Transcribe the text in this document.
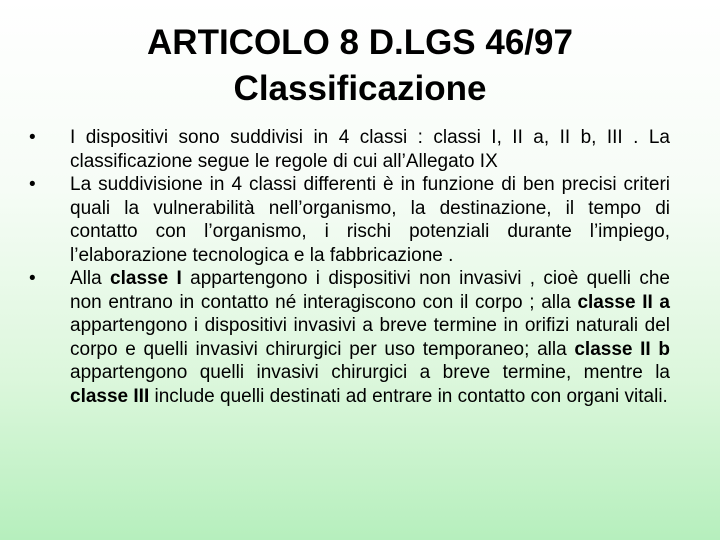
ARTICOLO 8 D.LGS 46/97
Classificazione
• I dispositivi sono suddivisi in 4 classi : classi I, II a, II b, III . La classificazione segue le regole di cui all’Allegato IX
• La suddivisione in 4 classi differenti è in funzione di ben precisi criteri quali la vulnerabilità nell’organismo, la destinazione, il tempo di contatto con l’organismo, i rischi potenziali durante l’impiego, l’elaborazione tecnologica e la fabbricazione .
• Alla classe I appartengono i dispositivi non invasivi , cioè quelli che non entrano in contatto né interagiscono con il corpo ; alla classe II a appartengono i dispositivi invasivi a breve termine in orifizi naturali del corpo e quelli invasivi chirurgici per uso temporaneo; alla classe II b appartengono quelli invasivi chirurgici a breve termine, mentre la classe III include quelli destinati ad entrare in contatto con organi vitali.
